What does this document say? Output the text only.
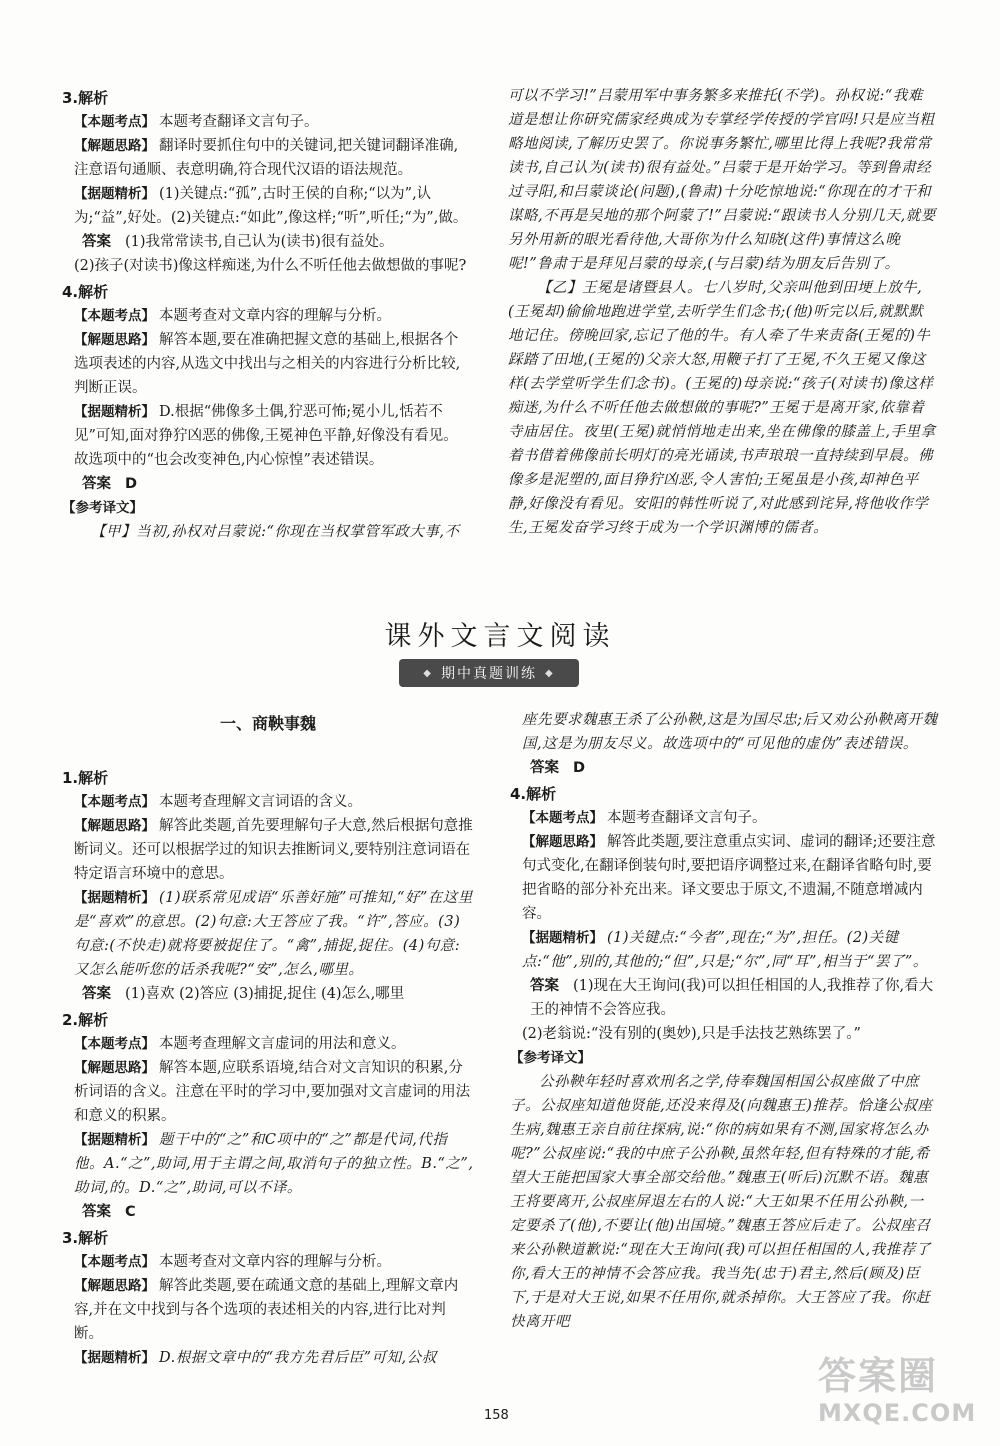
3.解析
【本题考点】 本题考查翻译文言句子。
【解题思路】 翻译时要抓住句中的关键词,把关键词翻译准确,注意语句通顺、表意明确,符合现代汉语的语法规范。
【据题精析】 (1)关键点:“孤”,古时王侯的自称;“以为”,认为;“益”,好处。(2)关键点:“如此”,像这样;“听”,听任;“为”,做。
答案 (1)我常常读书,自己认为(读书)很有益处。
(2)孩子(对读书)像这样痴迷,为什么不听任他去做想做的事呢?
4.解析
【本题考点】 本题考查对文章内容的理解与分析。
【解题思路】 解答本题,要在准确把握文意的基础上,根据各个选项表述的内容,从选文中找出与之相关的内容进行分析比较,判断正误。
【据题精析】 D.根据“佛像多土偶,狞恶可怖;冕小儿,恬若不见”可知,面对狰狞凶恶的佛像,王冕神色平静,好像没有看见。故选项中的“也会改变神色,内心惊惶”表述错误。
答案 D
【参考译文】
【甲】当初,孙权对吕蒙说:“你现在当权掌管军政大事,不
可以不学习!”吕蒙用军中事务繁多来推托(不学)。孙权说:“我难道是想让你研究儒家经典成为专掌经学传授的学官吗!只是应当粗略地阅读,了解历史罢了。你说事务繁忙,哪里比得上我呢?我常常读书,自己认为(读书)很有益处。”吕蒙于是开始学习。等到鲁肃经过寻阳,和吕蒙谈论(问题),(鲁肃)十分吃惊地说:“你现在的才干和谋略,不再是吴地的那个阿蒙了!”吕蒙说:“跟读书人分别几天,就要另外用新的眼光看待他,大哥你为什么知晓(这件)事情这么晚呢!”鲁肃于是拜见吕蒙的母亲,(与吕蒙)结为朋友后告别了。
【乙】王冕是诸暨县人。七八岁时,父亲叫他到田埂上放牛,(王冕却)偷偷地跑进学堂,去听学生们念书;(他)听完以后,就默默地记住。傍晚回家,忘记了他的牛。有人牵了牛来责备(王冕的)牛踩踏了田地,(王冕的)父亲大怒,用鞭子打了王冕,不久王冕又像这样(去学堂听学生们念书)。(王冕的)母亲说:“孩子(对读书)像这样痴迷,为什么不听任他去做想做的事呢?”王冕于是离开家,依靠着寺庙居住。夜里(王冕)就悄悄地走出来,坐在佛像的膝盖上,手里拿着书借着佛像前长明灯的亮光诵读,书声琅琅一直持续到早晨。佛像多是泥塑的,面目狰狞凶恶,令人害怕;王冕虽是小孩,却神色平静,好像没有看见。安阳的韩性听说了,对此感到诧异,将他收作学生,王冕发奋学习终于成为一个学识渊博的儒者。
课外文言文阅读
◆ 期中真题训练 ◆
一、商鞅事魏
1.解析
【本题考点】 本题考查理解文言词语的含义。
【解题思路】 解答此类题,首先要理解句子大意,然后根据句意推断词义。还可以根据学过的知识去推断词义,要特别注意词语在特定语言环境中的意思。
【据题精析】 (1)联系常见成语“乐善好施”可推知,“好”在这里是“喜欢”的意思。(2)句意:大王答应了我。“许”,答应。(3)句意:(不快走)就将要被捉住了。“禽”,捕捉,捉住。(4)句意:又怎么能听您的话杀我呢?“安”,怎么,哪里。
答案 (1)喜欢 (2)答应 (3)捕捉,捉住 (4)怎么,哪里
2.解析
【本题考点】 本题考查理解文言虚词的用法和意义。
【解题思路】 解答本题,应联系语境,结合对文言知识的积累,分析词语的含义。注意在平时的学习中,要加强对文言虚词的用法和意义的积累。
【据题精析】 题干中的“之”和C项中的“之”都是代词,代指他。A.“之”,助词,用于主谓之间,取消句子的独立性。B.“之”,助词,的。D.“之”,助词,可以不译。
答案 C
3.解析
【本题考点】 本题考查对文章内容的理解与分析。
【解题思路】 解答此类题,要在疏通文意的基础上,理解文章内容,并在文中找到与各个选项的表述相关的内容,进行比对判断。
【据题精析】 D.根据文章中的“我方先君后臣”可知,公叔
座先要求魏惠王杀了公孙鞅,这是为国尽忠;后又劝公孙鞅离开魏国,这是为朋友尽义。故选项中的“可见他的虚伪”表述错误。
答案 D
4.解析
【本题考点】 本题考查翻译文言句子。
【解题思路】 解答此类题,要注意重点实词、虚词的翻译;还要注意句式变化,在翻译倒装句时,要把语序调整过来,在翻译省略句时,要把省略的部分补充出来。译文要忠于原文,不遗漏,不随意增减内容。
【据题精析】 (1)关键点:“今者”,现在;“为”,担任。(2)关键点:“他”,别的,其他的;“但”,只是;“尔”,同“耳”,相当于“罢了”。
答案 (1)现在大王询问(我)可以担任相国的人,我推荐了你,看大王的神情不会答应我。
(2)老翁说:“没有别的(奥妙),只是手法技艺熟练罢了。”
【参考译文】
公孙鞅年轻时喜欢刑名之学,侍奉魏国相国公叔座做了中庶子。公叔座知道他贤能,还没来得及(向魏惠王)推荐。恰逢公叔座生病,魏惠王亲自前往探病,说:“你的病如果有不测,国家将怎么办呢?”公叔座说:“我的中庶子公孙鞅,虽然年轻,但有特殊的才能,希望大王能把国家大事全部交给他。”魏惠王(听后)沉默不语。魏惠王将要离开,公叔座屏退左右的人说:“大王如果不任用公孙鞅,一定要杀了(他),不要让(他)出国境。”魏惠王答应后走了。公叔座召来公孙鞅道歉说:“现在大王询问(我)可以担任相国的人,我推荐了你,看大王的神情不会答应我。我当先(忠于)君主,然后(顾及)臣下,于是对大王说,如果不任用你,就杀掉你。大王答应了我。你赶快离开吧
158
答案圈
MXQE.COM
